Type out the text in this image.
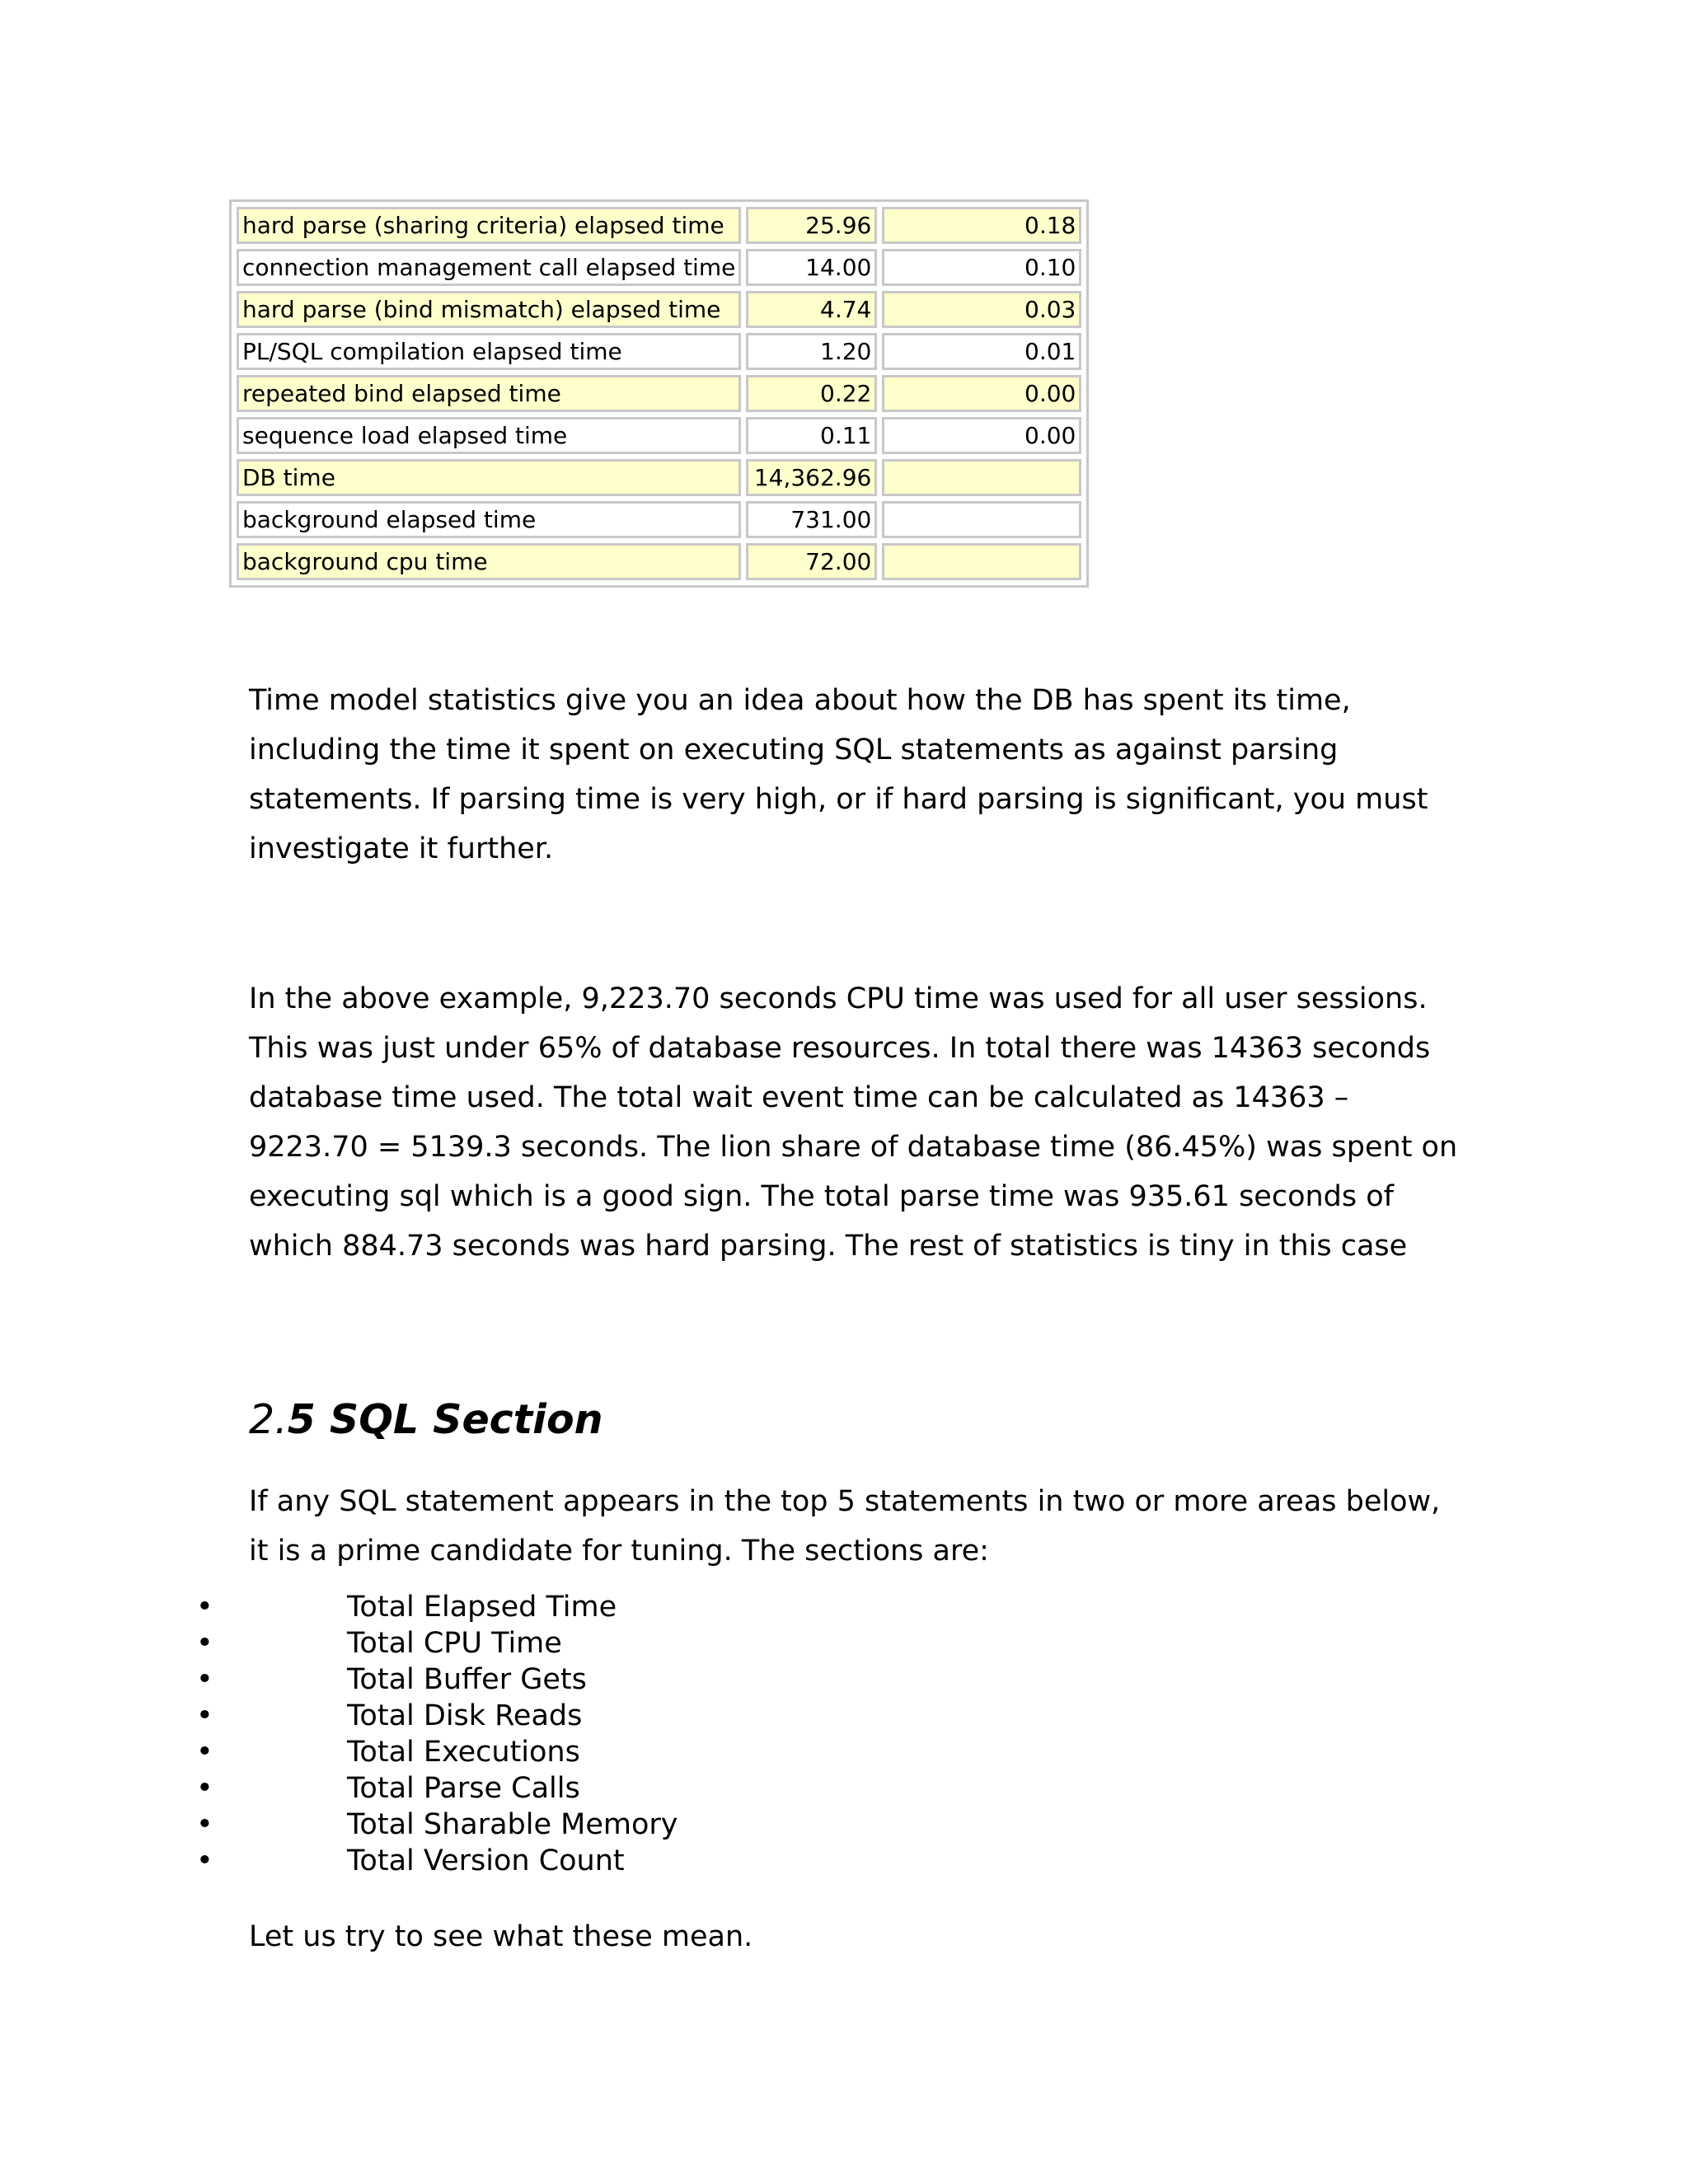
hard parse (sharing criteria) elapsed time	25.96	0.18
connection management call elapsed time	14.00	0.10
hard parse (bind mismatch) elapsed time	4.74	0.03
PL/SQL compilation elapsed time	1.20	0.01
repeated bind elapsed time	0.22	0.00
sequence load elapsed time	0.11	0.00
DB time	14,362.96	
background elapsed time	731.00	
background cpu time	72.00	

Time model statistics give you an idea about how the DB has spent its time, including the time it spent on executing SQL statements as against parsing statements. If parsing time is very high, or if hard parsing is significant, you must investigate it further.

In the above example, 9,223.70 seconds CPU time was used for all user sessions. This was just under 65% of database resources. In total there was 14363 seconds database time used. The total wait event time can be calculated as 14363 – 9223.70 = 5139.3 seconds. The lion share of database time (86.45%) was spent on executing sql which is a good sign. The total parse time was 935.61 seconds of which 884.73 seconds was hard parsing. The rest of statistics is tiny in this case

2.5 SQL Section

If any SQL statement appears in the top 5 statements in two or more areas below, it is a prime candidate for tuning. The sections are:

•	Total Elapsed Time
•	Total CPU Time
•	Total Buffer Gets
•	Total Disk Reads
•	Total Executions
•	Total Parse Calls
•	Total Sharable Memory
•	Total Version Count

Let us try to see what these mean.
